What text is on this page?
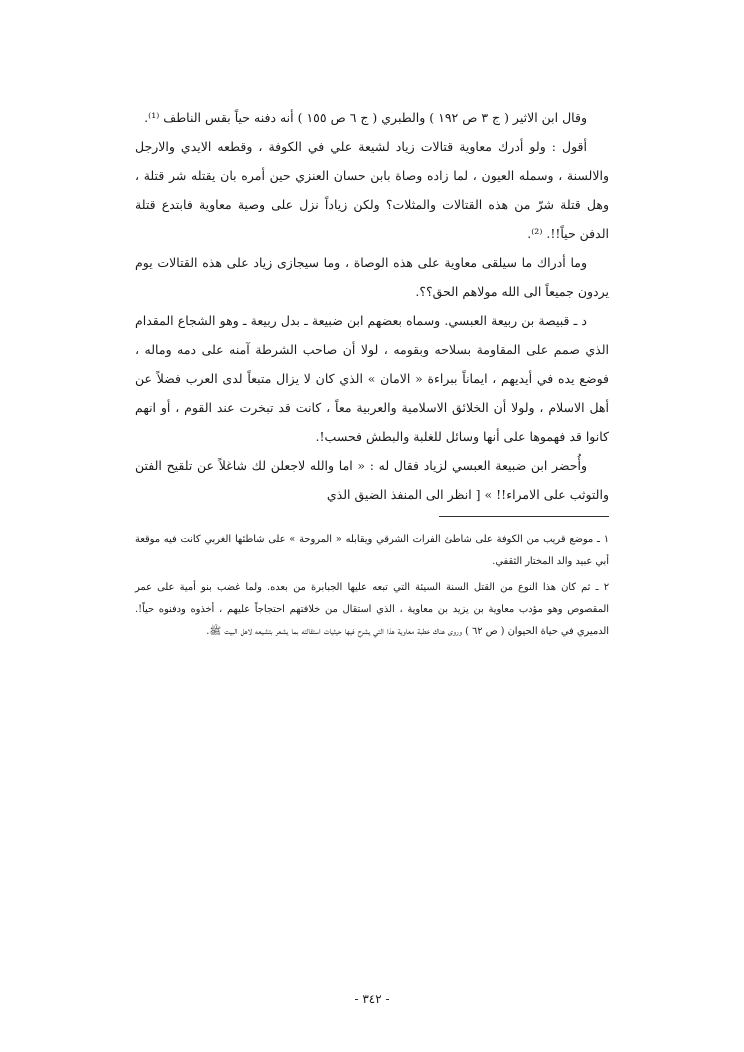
وقال ابن الاثير ( ج ٣ ص ١٩٢ ) والطبري ( ج ٦ ص ١٥٥ ) أنه دفنه حياً بقس الناطف ⁽¹⁾.

أقول : ولو أدرك معاوية قتالات زياد لشيعة علي في الكوفة ، وقطعه الايدي والارجل والالسنة ، وسمله العيون ، لما زاده وصاة بابن حسان العنزي حين أمره بان يقتله شر قتلة ، وهل قتلة شرّ من هذه القتالات والمثلات؟ ولكن زياداً نزل على وصية معاوية فابتدع قتلة الدفن حياً!!. ⁽²⁾.

وما أدراك ما سيلقى معاوية على هذه الوصاة ، وما سيجازى زياد على هذه القتالات يوم يردون جميعاً الى الله مولاهم الحق؟؟.

د ـ قبيصة بن ربيعة العبسي. وسماه بعضهم ابن ضبيعة ـ بدل ربيعة ـ وهو الشجاع المقدام الذي صمم على المقاومة بسلاحه وبقومه ، لولا أن صاحب الشرطة آمنه على دمه وماله ، فوضع يده في أيديهم ، ايماناً ببراءة « الامان » الذي كان لا يزال متبعاً لدى العرب فضلاً عن أهل الاسلام ، ولولا أن الخلائق الاسلامية والعربية معاً ، كانت قد تبخرت عند القوم ، أو انهم كانوا قد فهموها على أنها وسائل للغلبة والبطش فحسب!.

وأُحضر ابن ضبيعة العبسي لزياد فقال له : « اما والله لاجعلن لك شاغلاً عن تلقيح الفتن والتوثب على الامراء!! » [ انظر الى المنفذ الضيق الذي

١ ـ موضع قريب من الكوفة على شاطئ الفرات الشرقي ويقابله « المروحة » على شاطئها الغربي كانت فيه موقعة أبي عبيد والد المختار الثقفي.

٢ ـ ثم كان هذا النوع من القتل السنة السيئة التي تبعه عليها الجبابرة من بعده. ولما غضب بنو أمية على عمر المقصوص وهو مؤدب معاوية بن يزيد بن معاوية ، الذي استقال من خلافتهم احتجاجاً عليهم ، أخذوه ودفنوه حياً!. الدميري في حياة الحيوان ( ص ٦٢ ) وروى هناك خطبة معاوية هذا التي يشرح فيها حيثيات استقالته بما يشعر بتشيعه لاهل البيت ﷺ.

- ٣٤٢ -
